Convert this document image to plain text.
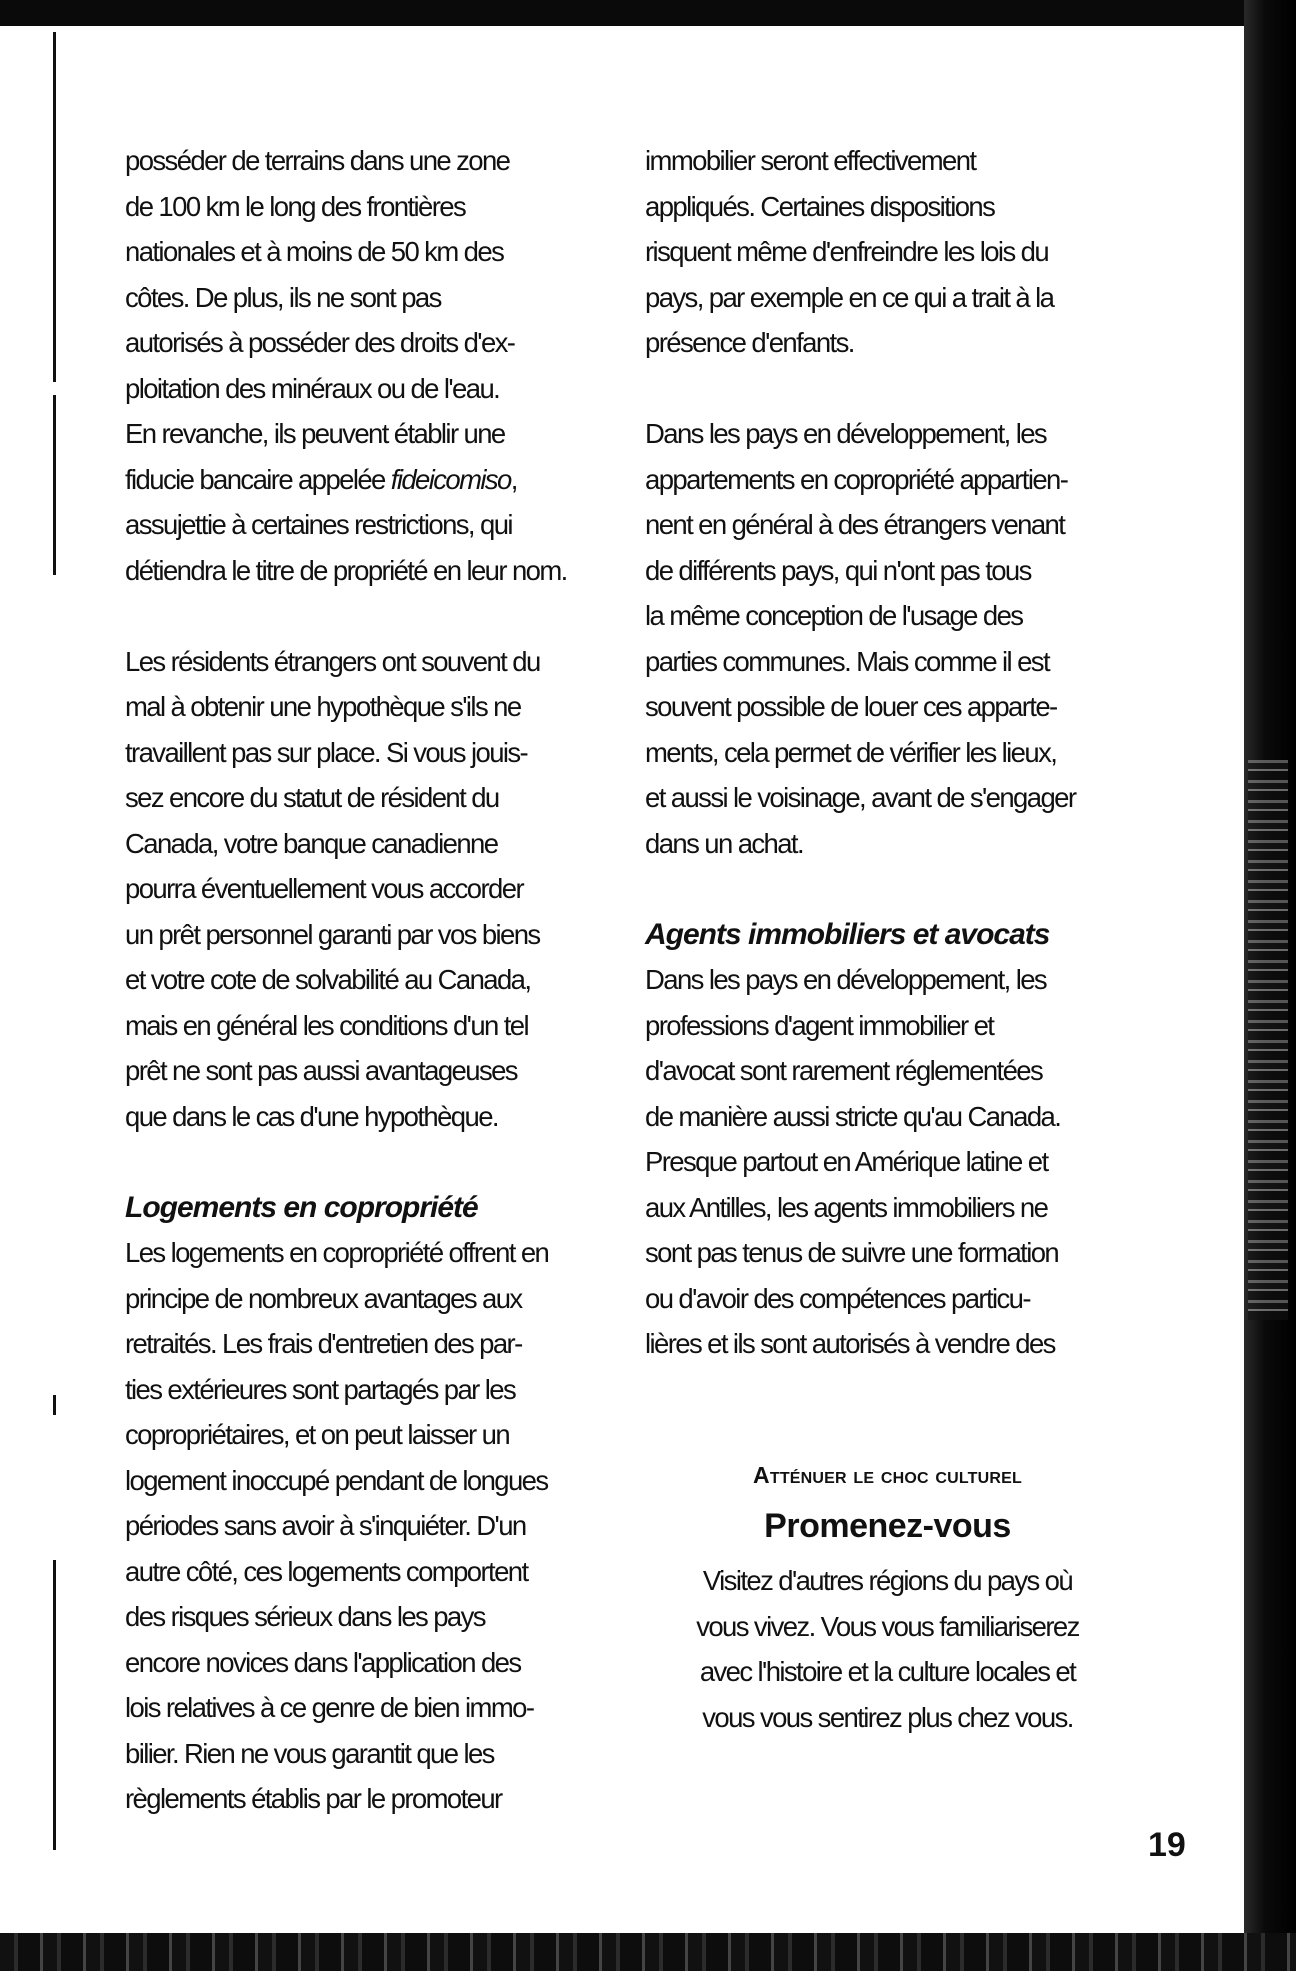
posséder de terrains dans une zone
de 100 km le long des frontières
nationales et à moins de 50 km des
côtes. De plus, ils ne sont pas
autorisés à posséder des droits d'ex-
ploitation des minéraux ou de l'eau.
En revanche, ils peuvent établir une

fiducie bancaire appelée fideicomiso,

assujettie à certaines restrictions, qui
détiendra le titre de propriété en leur nom.

Les résidents étrangers ont souvent du
mal à obtenir une hypothèque s'ils ne
travaillent pas sur place. Si vous jouis-
sez encore du statut de résident du
Canada, votre banque canadienne
pourra éventuellement vous accorder
un prêt personnel garanti par vos biens
et votre cote de solvabilité au Canada,
mais en général les conditions d'un tel
prêt ne sont pas aussi avantageuses
que dans le cas d'une hypothèque.

Logements en copropriété

Les logements en copropriété offrent en
principe de nombreux avantages aux
retraités. Les frais d'entretien des par-
ties extérieures sont partagés par les
copropriétaires, et on peut laisser un
logement inoccupé pendant de longues
périodes sans avoir à s'inquiéter. D'un
autre côté, ces logements comportent
des risques sérieux dans les pays
encore novices dans l'application des
lois relatives à ce genre de bien immo-
bilier. Rien ne vous garantit que les
règlements établis par le promoteur

immobilier seront effectivement
appliqués. Certaines dispositions
risquent même d'enfreindre les lois du
pays, par exemple en ce qui a trait à la
présence d'enfants.

Dans les pays en développement, les
appartements en copropriété appartien-
nent en général à des étrangers venant
de différents pays, qui n'ont pas tous
la même conception de l'usage des
parties communes. Mais comme il est
souvent possible de louer ces apparte-
ments, cela permet de vérifier les lieux,
et aussi le voisinage, avant de s'engager
dans un achat.

Agents immobiliers et avocats

Dans les pays en développement, les
professions d'agent immobilier et
d'avocat sont rarement réglementées
de manière aussi stricte qu'au Canada.
Presque partout en Amérique latine et
aux Antilles, les agents immobiliers ne
sont pas tenus de suivre une formation
ou d'avoir des compétences particu-
lières et ils sont autorisés à vendre des

Atténuer le choc culturel

Promenez-vous

Visitez d'autres régions du pays où
vous vivez. Vous vous familiariserez
avec l'histoire et la culture locales et
vous vous sentirez plus chez vous.

19
